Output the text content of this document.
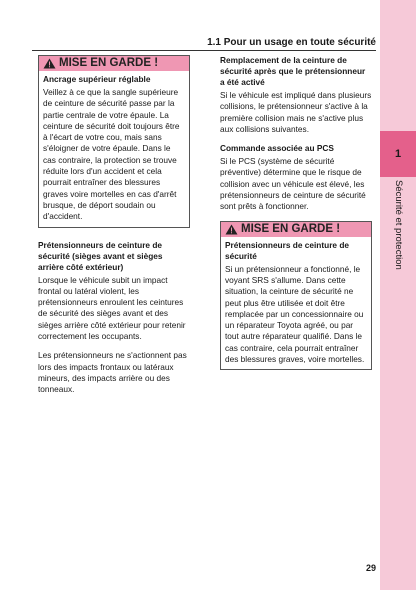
1.1 Pour un usage en toute sécurité
MISE EN GARDE !
Ancrage supérieur réglable

Veillez à ce que la sangle supérieure de ceinture de sécurité passe par la partie centrale de votre épaule. La ceinture de sécurité doit toujours être à l'écart de votre cou, mais sans s'éloigner de votre épaule. Dans le cas contraire, la protection se trouve réduite lors d'un accident et cela pourrait entraîner des blessures graves voire mortelles en cas d'arrêt brusque, de déport soudain ou d'accident.

Prétensionneurs de ceinture de sécurité (sièges avant et sièges arrière côté extérieur)

Lorsque le véhicule subit un impact frontal ou latéral violent, les prétensionneurs enroulent les ceintures de sécurité des sièges avant et des sièges arrière côté extérieur pour retenir correctement les occupants.

Les prétensionneurs ne s'actionnent pas lors des impacts frontaux ou latéraux mineurs, des impacts arrière ou des tonneaux.

Remplacement de la ceinture de sécurité après que le prétensionneur a été activé

Si le véhicule est impliqué dans plusieurs collisions, le prétensionneur s'active à la première collision mais ne s'active plus aux collisions suivantes.

Commande associée au PCS

Si le PCS (système de sécurité préventive) détermine que le risque de collision avec un véhicule est élevé, les prétensionneurs de ceinture de sécurité sont prêts à fonctionner.

MISE EN GARDE !
Prétensionneurs de ceinture de sécurité

Si un prétensionneur a fonctionné, le voyant SRS s'allume. Dans cette situation, la ceinture de sécurité ne peut plus être utilisée et doit être remplacée par un concessionnaire ou un réparateur Toyota agréé, ou par tout autre réparateur qualifié. Dans le cas contraire, cela pourrait entraîner des blessures graves, voire mortelles.

1
Sécurité et protection
29
